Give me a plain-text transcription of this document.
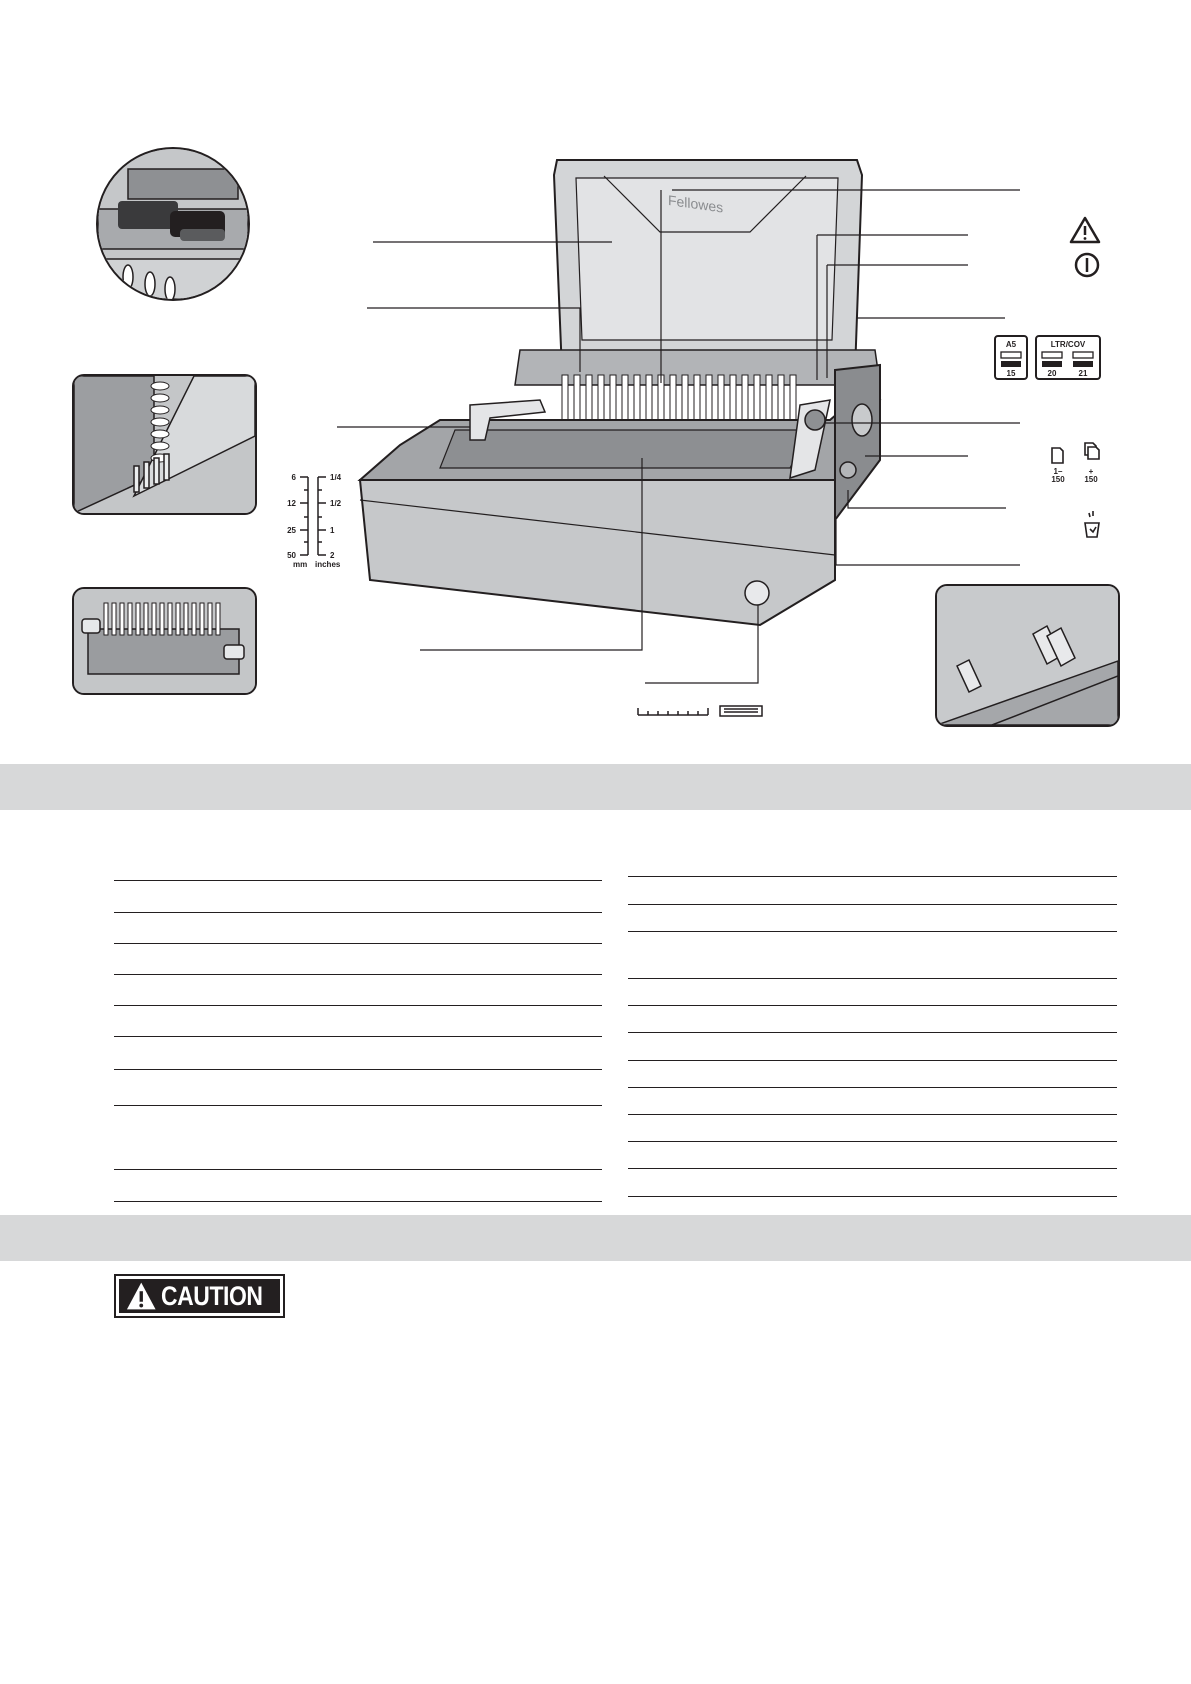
Fellowes
6
12
25
50
1/4
1/2
1
2
mm inches
A5
15
LTR/COV
20	21
1–
150
+
150
CAUTION
